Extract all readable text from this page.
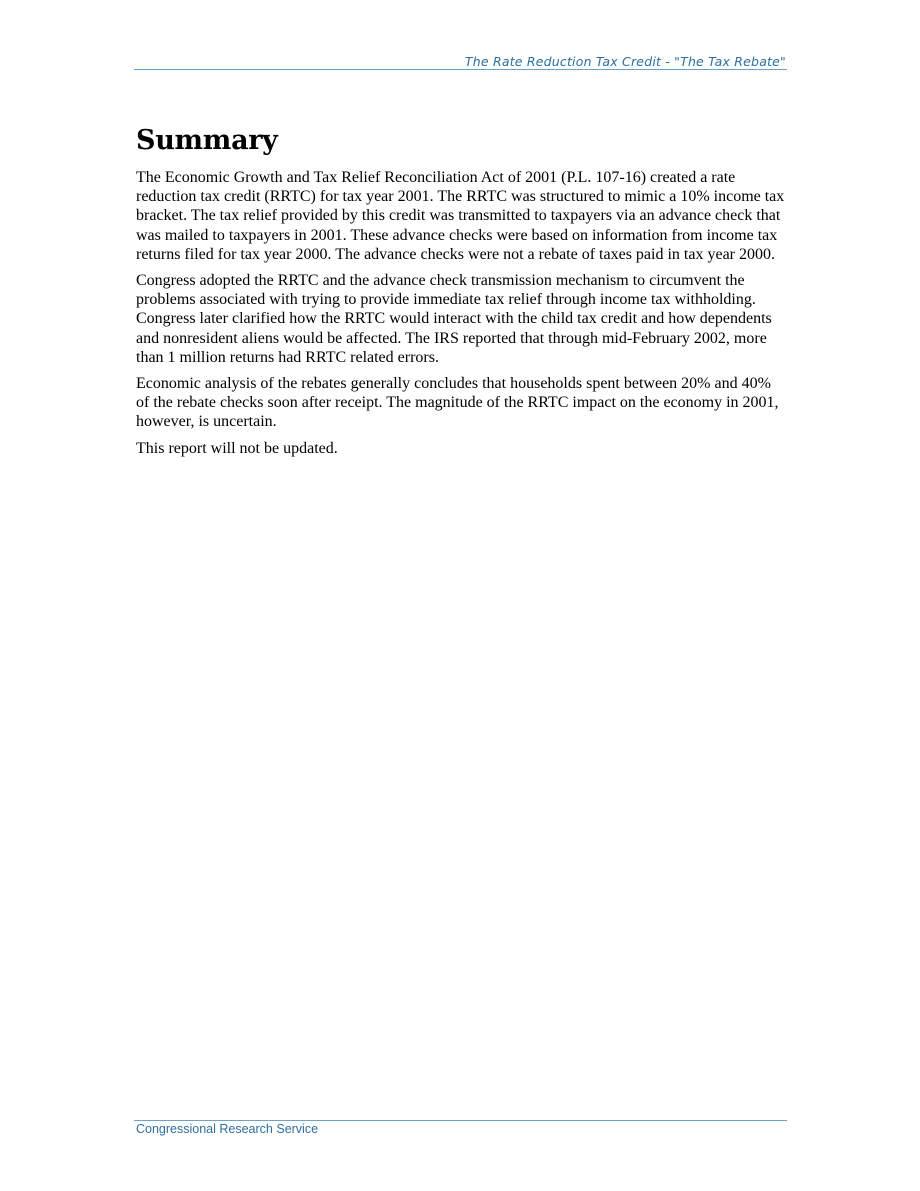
The Rate Reduction Tax Credit - "The Tax Rebate"
Summary

The Economic Growth and Tax Relief Reconciliation Act of 2001 (P.L. 107-16) created a rate reduction tax credit (RRTC) for tax year 2001. The RRTC was structured to mimic a 10% income tax bracket. The tax relief provided by this credit was transmitted to taxpayers via an advance check that was mailed to taxpayers in 2001. These advance checks were based on information from income tax returns filed for tax year 2000. The advance checks were not a rebate of taxes paid in tax year 2000.

Congress adopted the RRTC and the advance check transmission mechanism to circumvent the problems associated with trying to provide immediate tax relief through income tax withholding. Congress later clarified how the RRTC would interact with the child tax credit and how dependents and nonresident aliens would be affected. The IRS reported that through mid-February 2002, more than 1 million returns had RRTC related errors.

Economic analysis of the rebates generally concludes that households spent between 20% and 40% of the rebate checks soon after receipt. The magnitude of the RRTC impact on the economy in 2001, however, is uncertain.

This report will not be updated.

Congressional Research Service
